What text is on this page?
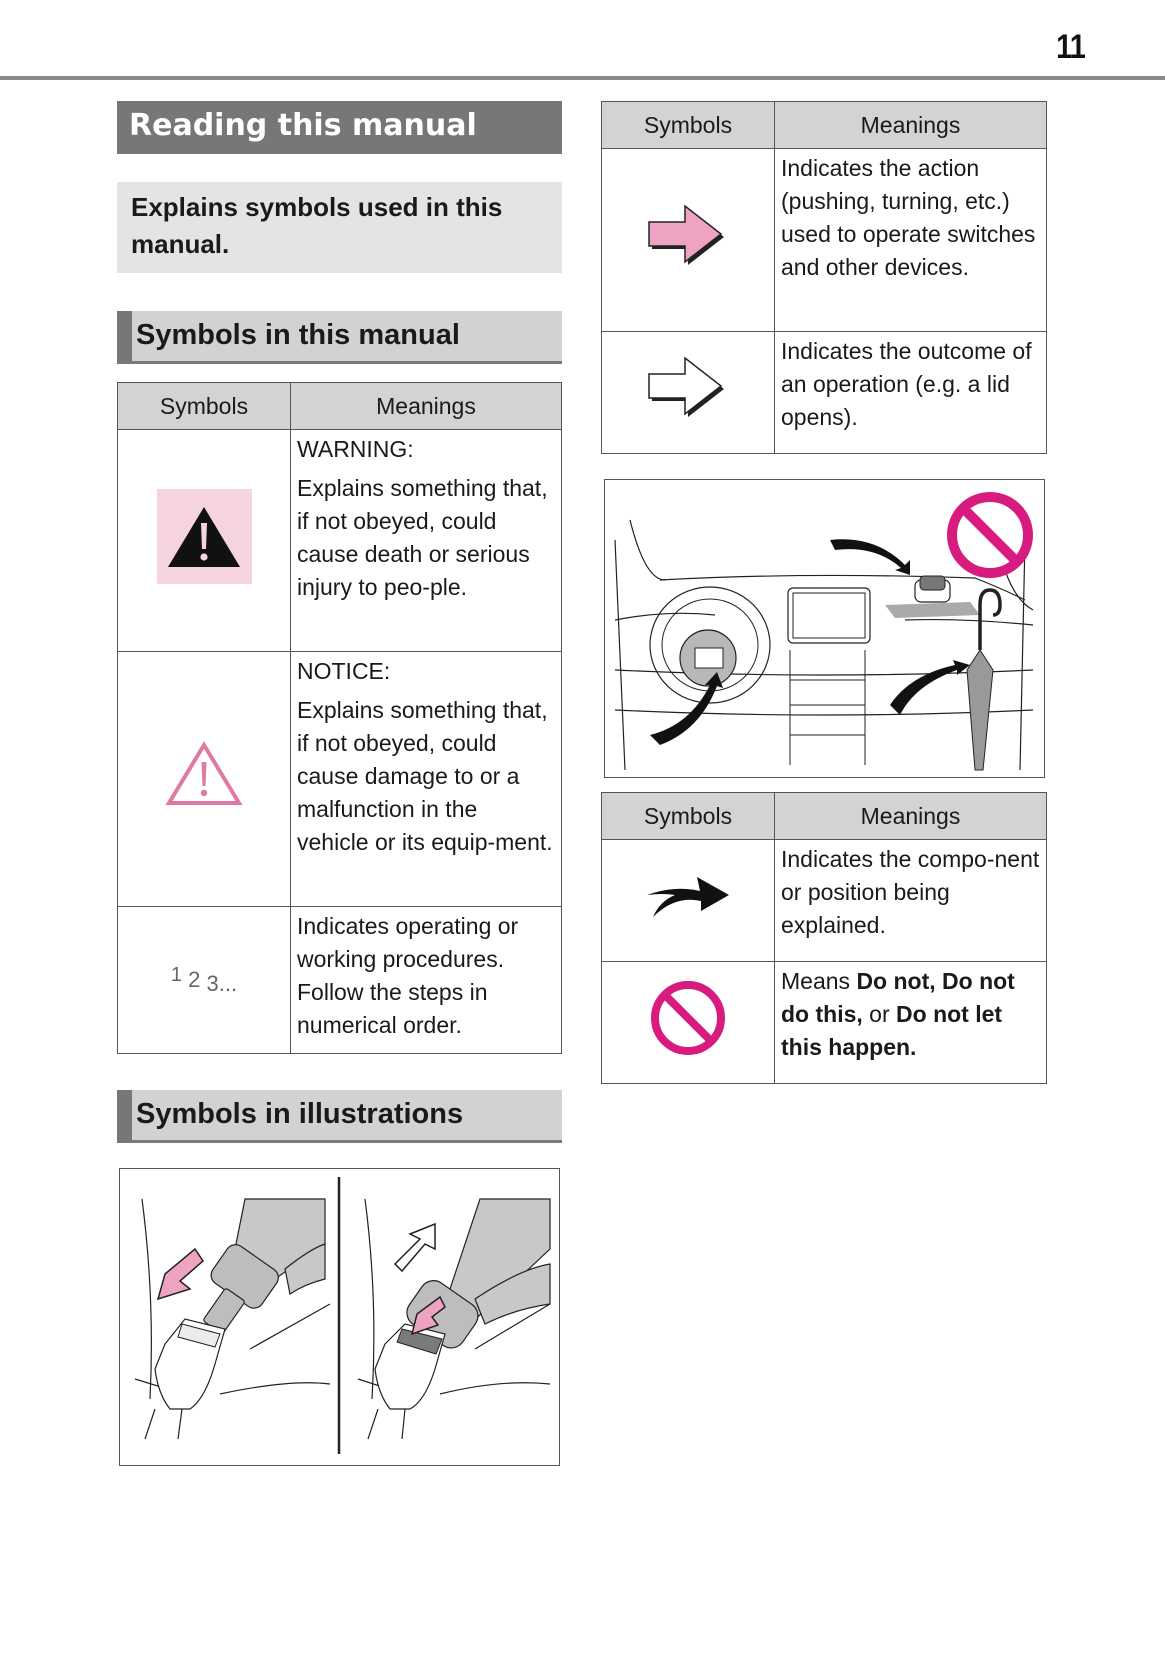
11
Reading this manual
Explains symbols used in this manual.
Symbols in this manual
Symbols	Meanings

WARNING:
Explains something that, if not obeyed, could cause death or serious injury to peo-ple.

NOTICE:
Explains something that, if not obeyed, could cause damage to or a malfunction in the vehicle or its equip-ment.

1 2 3...	Indicates operating or working procedures. Follow the steps in numerical order.
Symbols in illustrations
Symbols	Meanings

Indicates the action (pushing, turning, etc.) used to operate switches and other devices.

Indicates the outcome of an operation (e.g. a lid opens).
Symbols	Meanings

Indicates the compo-nent or position being explained.

Means Do not, Do not do this, or Do not let this happen.
